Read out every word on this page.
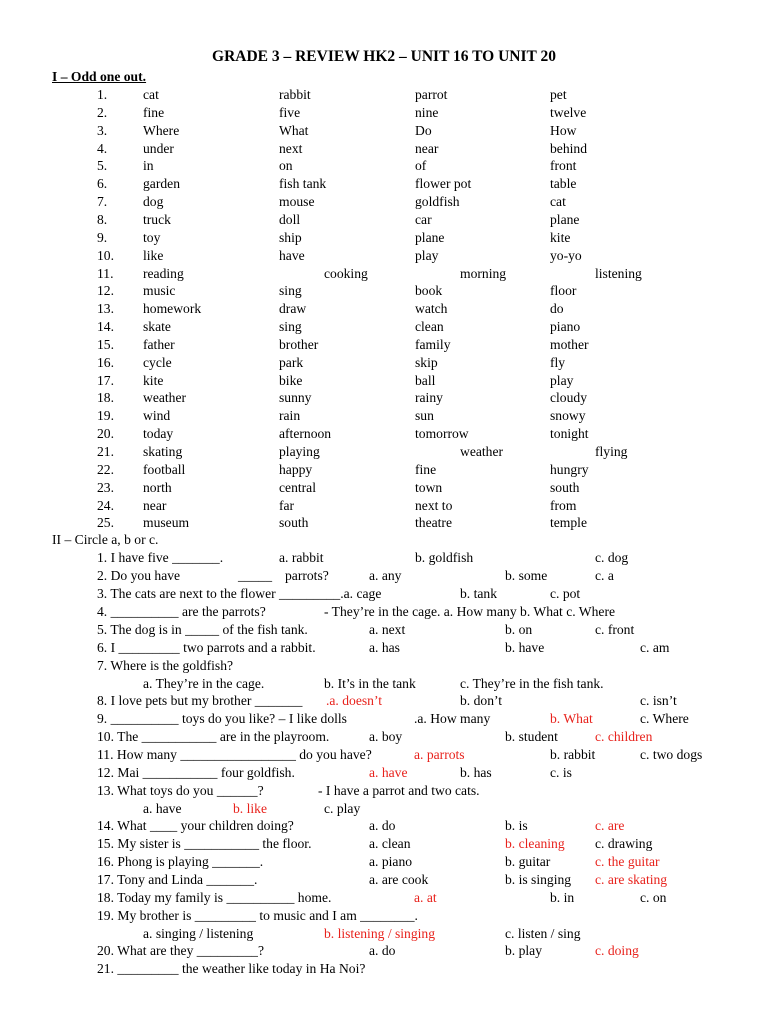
GRADE 3 – REVIEW HK2 – UNIT 16 TO UNIT 20
I – Odd one out.
1.	cat	rabbit	parrot	pet
2.	fine	five	nine	twelve
3.	Where	What	Do	How
4.	under	next	near	behind
5.	in	on	of	front
6.	garden	fish tank	flower pot	table
7.	dog	mouse	goldfish	cat
8.	truck	doll	car	plane
9.	toy	ship	plane	kite
10. like	have	play	yo-yo
11. reading	cooking	morning	listening
12. music	sing	book	floor
13. homework	draw	watch	do
14. skate	sing	clean	piano
15. father	brother	family	mother
16. cycle	park	skip	fly
17. kite	bike	ball	play
18. weather	sunny	rainy	cloudy
19. wind	rain	sun	snowy
20. today	afternoon	tomorrow	tonight
21. skating	playing	weather	flying
22. football	happy	fine	hungry
23. north	central	town	south
24. near	far	next to	from
25. museum	south	theatre	temple
II – Circle a, b or c.
1. I have five _______.	a. rabbit	b. goldfish	c. dog
2. Do you have	_____ parrots?	a. any	b. some	c. a
3. The cats are next to the flower _________.a. cage	b. tank	c. pot
4. __________ are the parrots?	- They’re in the cage. a. How many b. What c. Where
5. The dog is in _____ of the fish tank.	a. next	b. on	c. front
6. I _________ two parrots and a rabbit.	a. has	b. have	c. am
7. Where is the goldfish?
a. They’re in the cage.	b. It’s in the tank	c. They’re in the fish tank.
8. I love pets but my brother _______ .a. doesn’t	b. don’t	c. isn’t
9. __________ toys do you like? – I like dolls	.a. How many	b. What	c. Where
10. The ___________ are in the playroom.	a. boy	b. student	c. children
11. How many _________________ do you have?	a. parrots	b. rabbit	c. two dogs
12. Mai ___________ four goldfish.	a. have	b. has	c. is
13. What toys do you ______?	- I have a parrot and two cats.
a. have	b. like	c. play
14. What ____ your children doing?	a. do	b. is	c. are
15. My sister is ___________ the floor.	a. clean	b. cleaning c. drawing
16. Phong is playing _______.	a. piano	b. guitar	c. the guitar
17. Tony and Linda _______.	a. are cook	b. is singing c. are skating
18. Today my family is __________ home.	a. at	b. in	c. on
19. My brother is _________ to music and I am ________.
a. singing / listening	b. listening / singing	c. listen / sing
20. What are they _________?	a. do	b. play	c. doing
21. _________ the weather like today in Ha Noi?
